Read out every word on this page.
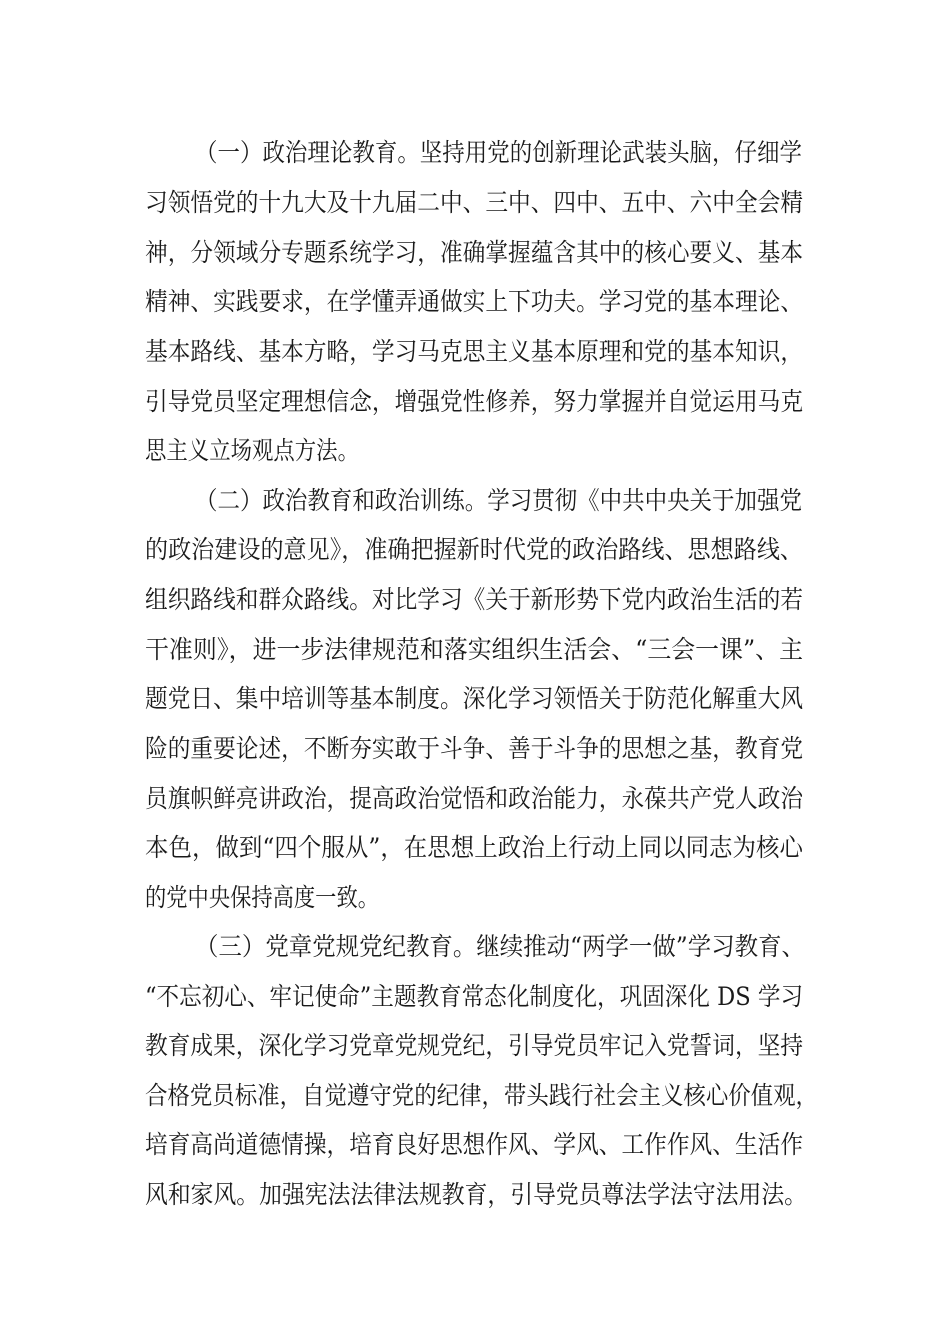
（一）政治理论教育。坚持用党的创新理论武装头脑，仔细学
习领悟党的十九大及十九届二中、三中、四中、五中、六中全会精
神，分领域分专题系统学习，准确掌握蕴含其中的核心要义、基本
精神、实践要求，在学懂弄通做实上下功夫。学习党的基本理论、
基本路线、基本方略，学习马克思主义基本原理和党的基本知识，
引导党员坚定理想信念，增强党性修养，努力掌握并自觉运用马克
思主义立场观点方法。
（二）政治教育和政治训练。学习贯彻《中共中央关于加强党
的政治建设的意见》，准确把握新时代党的政治路线、思想路线、
组织路线和群众路线。对比学习《关于新形势下党内政治生活的若
干准则》，进一步法律规范和落实组织生活会、“三会一课”、主
题党日、集中培训等基本制度。深化学习领悟关于防范化解重大风
险的重要论述，不断夯实敢于斗争、善于斗争的思想之基，教育党
员旗帜鲜亮讲政治，提高政治觉悟和政治能力，永葆共产党人政治
本色，做到“四个服从”，在思想上政治上行动上同以同志为核心
的党中央保持高度一致。
（三）党章党规党纪教育。继续推动“两学一做”学习教育、
“不忘初心、牢记使命”主题教育常态化制度化，巩固深化 DS 学习
教育成果，深化学习党章党规党纪，引导党员牢记入党誓词，坚持
合格党员标准，自觉遵守党的纪律，带头践行社会主义核心价值观，
培育高尚道德情操，培育良好思想作风、学风、工作作风、生活作
风和家风。加强宪法法律法规教育，引导党员尊法学法守法用法。
